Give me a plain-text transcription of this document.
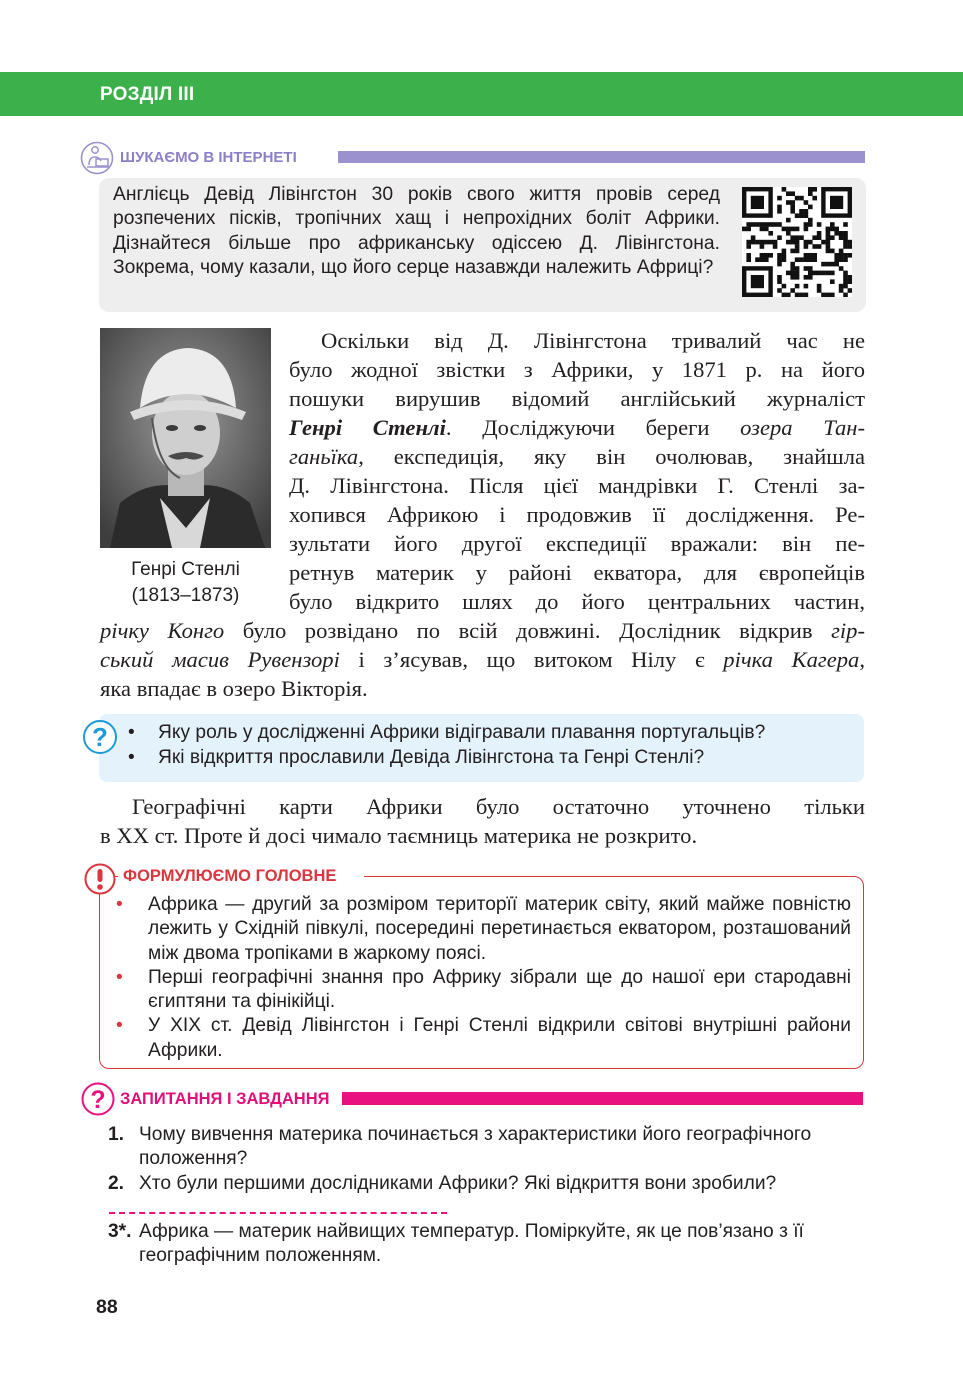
РОЗДІЛ III
ШУКАЄМО В ІНТЕРНЕТІ
Англієць Девід Лівінгстон 30 років свого життя провів серед розпечених пісків, тропічних хащ і непрохідних боліт Африки. Дізнайтеся більше про африканську одіссею Д. Лівінгстона. Зокрема, чому казали, що його серце назавжди належить Африці?
Генрі Стенлі
(1813–1873)
Оскільки від Д. Лівінгстона тривалий час не
було жодної звістки з Африки, у 1871 р. на його
пошуки вирушив відомий англійський журналіст
Генрі Стенлі. Досліджуючи береги озера Тан-
ганьїка, експедиція, яку він очолював, знайшла
Д. Лівінгстона. Після цієї мандрівки Г. Стенлі за-
хопився Африкою і продовжив її дослідження. Ре-
зультати його другої експедиції вражали: він пе-
ретнув материк у районі екватора, для європейців
було відкрито шлях до його центральних частин,
річку Конго було розвідано по всій довжині. Дослідник відкрив гір-
ський масив Рувензорі і з’ясував, що витоком Нілу є річка Кагера,
яка впадає в озеро Вікторія.
? •	Яку роль у дослідженні Африки відігравали плавання португальців?
•	Які відкриття прославили Девіда Лівінгстона та Генрі Стенлі?
Географічні карти Африки було остаточно уточнено тільки
в XX ст. Проте й досі чимало таємниць материка не розкрито.
ФОРМУЛЮЄМО ГОЛОВНЕ
•	Африка — другий за розміром територїї материк світу, який майже повністю лежить у Східній півкулі, посередині перетинається екватором, розташований між двома тропіками в жаркому поясі.
•	Перші географічні знання про Африку зібрали ще до нашої ери стародавні єгиптяни та фінікійці.
•	У XIX ст. Девід Лівінгстон і Генрі Стенлі відкрили світові внутрішні райони Африки.
? ЗАПИТАННЯ І ЗАВДАННЯ
1. Чому вивчення материка починається з характеристики його географічного положення?
2. Хто були першими дослідниками Африки? Які відкриття вони зробили?
3*. Африка — материк найвищих температур. Поміркуйте, як це пов’язано з її географічним положенням.
88
